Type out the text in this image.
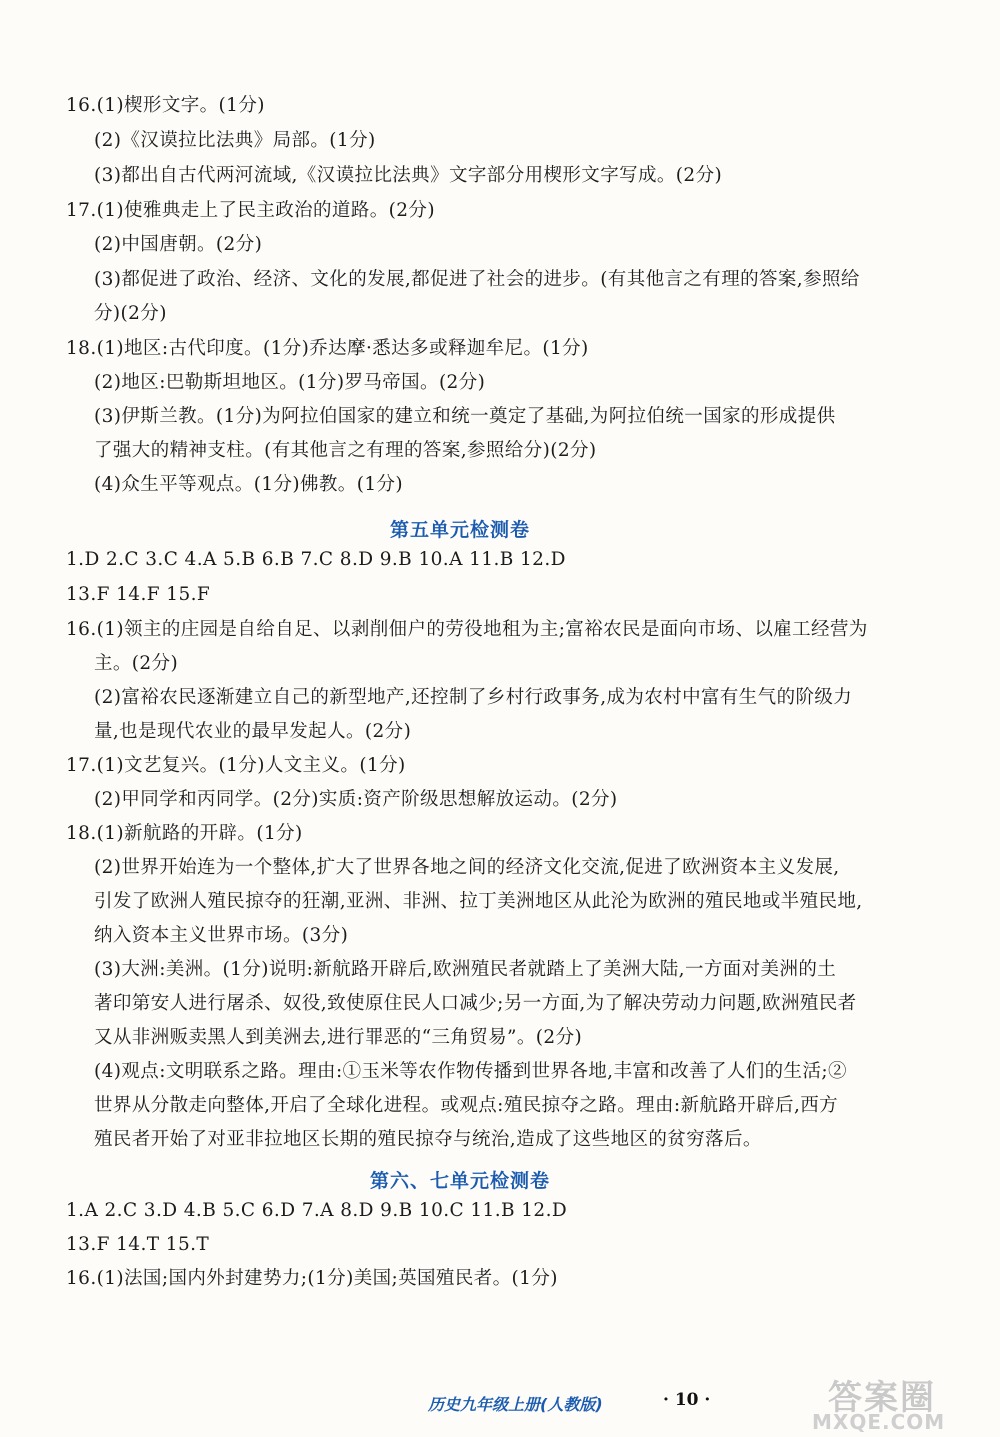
16.(1)楔形文字。(1分)
(2)《汉谟拉比法典》局部。(1分)
(3)都出自古代两河流域,《汉谟拉比法典》文字部分用楔形文字写成。(2分)
17.(1)使雅典走上了民主政治的道路。(2分)
(2)中国唐朝。(2分)
(3)都促进了政治、经济、文化的发展,都促进了社会的进步。(有其他言之有理的答案,参照给
分)(2分)
18.(1)地区:古代印度。(1分)乔达摩·悉达多或释迦牟尼。(1分)
(2)地区:巴勒斯坦地区。(1分)罗马帝国。(2分)
(3)伊斯兰教。(1分)为阿拉伯国家的建立和统一奠定了基础,为阿拉伯统一国家的形成提供
了强大的精神支柱。(有其他言之有理的答案,参照给分)(2分)
(4)众生平等观点。(1分)佛教。(1分)
第五单元检测卷
1.D 2.C 3.C 4.A 5.B 6.B 7.C 8.D 9.B 10.A 11.B 12.D
13.F 14.F 15.F
16.(1)领主的庄园是自给自足、以剥削佃户的劳役地租为主;富裕农民是面向市场、以雇工经营为
主。(2分)
(2)富裕农民逐渐建立自己的新型地产,还控制了乡村行政事务,成为农村中富有生气的阶级力
量,也是现代农业的最早发起人。(2分)
17.(1)文艺复兴。(1分)人文主义。(1分)
(2)甲同学和丙同学。(2分)实质:资产阶级思想解放运动。(2分)
18.(1)新航路的开辟。(1分)
(2)世界开始连为一个整体,扩大了世界各地之间的经济文化交流,促进了欧洲资本主义发展,
引发了欧洲人殖民掠夺的狂潮,亚洲、非洲、拉丁美洲地区从此沦为欧洲的殖民地或半殖民地,
纳入资本主义世界市场。(3分)
(3)大洲:美洲。(1分)说明:新航路开辟后,欧洲殖民者就踏上了美洲大陆,一方面对美洲的土
著印第安人进行屠杀、奴役,致使原住民人口减少;另一方面,为了解决劳动力问题,欧洲殖民者
又从非洲贩卖黑人到美洲去,进行罪恶的“三角贸易”。(2分)
(4)观点:文明联系之路。理由:①玉米等农作物传播到世界各地,丰富和改善了人们的生活;②
世界从分散走向整体,开启了全球化进程。或观点:殖民掠夺之路。理由:新航路开辟后,西方
殖民者开始了对亚非拉地区长期的殖民掠夺与统治,造成了这些地区的贫穷落后。
第六、七单元检测卷
1.A 2.C 3.D 4.B 5.C 6.D 7.A 8.D 9.B 10.C 11.B 12.D
13.F 14.T 15.T
16.(1)法国;国内外封建势力;(1分)美国;英国殖民者。(1分)
历史九年级上册(人教版)	· 10 ·	答案圈
MXQE.COM
